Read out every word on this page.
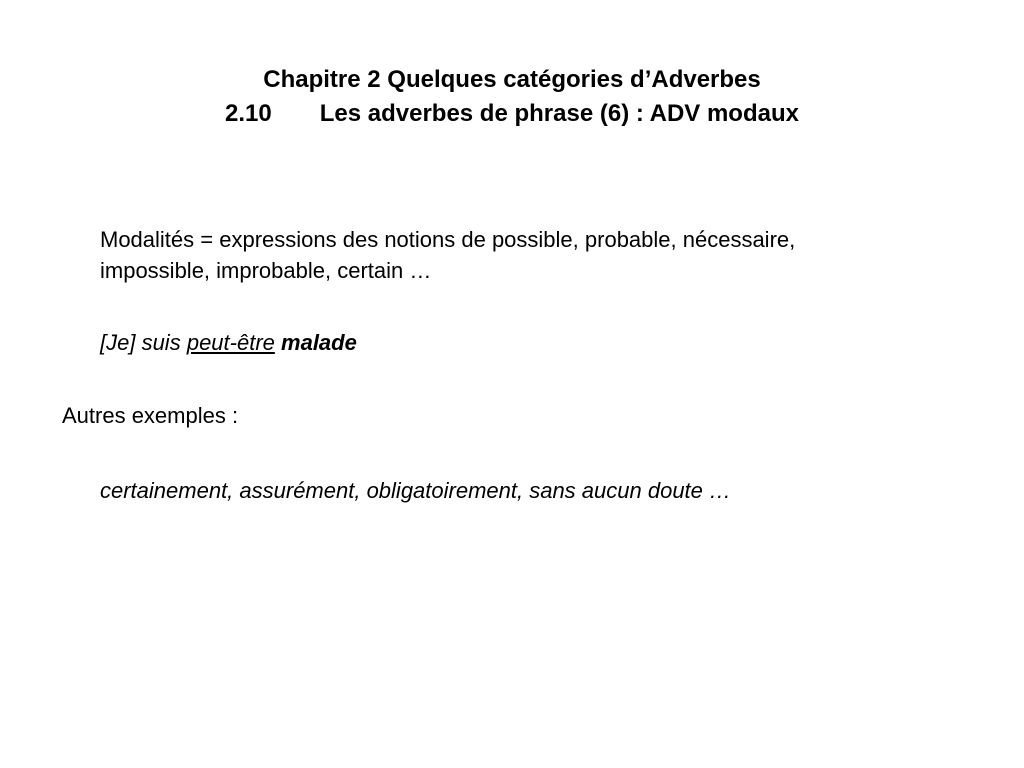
Chapitre 2 Quelques catégories d’Adverbes
2.10 Les adverbes de phrase (6) : ADV modaux
Modalités = expressions des notions de possible, probable, nécessaire,
impossible, improbable, certain …
[Je] suis peut-être malade
Autres exemples :
certainement, assurément, obligatoirement, sans aucun doute …
